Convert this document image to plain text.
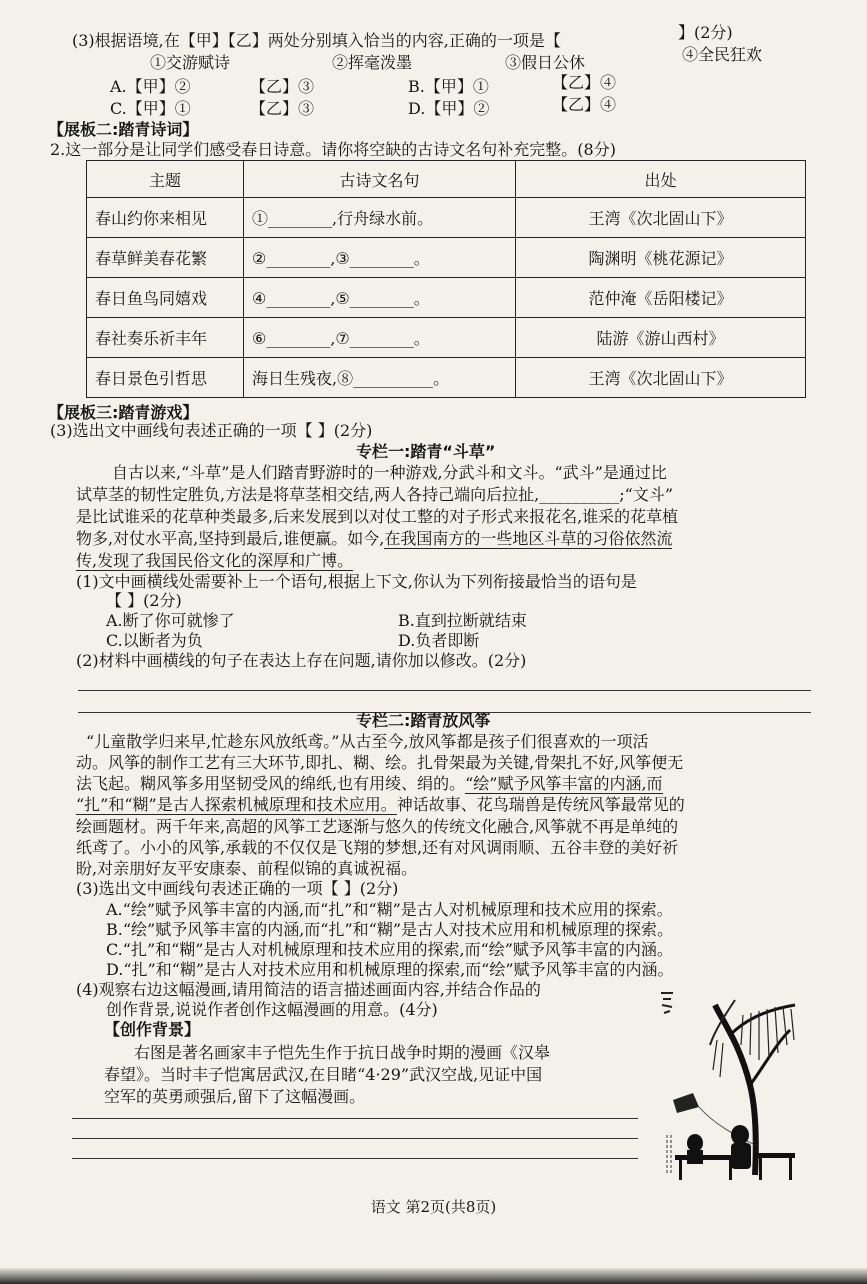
(3)根据语境,在【甲】【乙】两处分别填入恰当的内容,正确的一项是【	】(2分)
①交游赋诗	②挥毫泼墨	③假日公休	④全民狂欢
A.【甲】②	【乙】③	B.【甲】①	【乙】④
C.【甲】①	【乙】③	D.【甲】②	【乙】④
【展板二:踏青诗词】
2.这一部分是让同学们感受春日诗意。请你将空缺的古诗文名句补充完整。(8分)
主题	古诗文名句	出处
春山约你来相见	①________,行舟绿水前。	王湾《次北固山下》
春草鲜美春花繁	②________,③________。	陶渊明《桃花源记》
春日鱼鸟同嬉戏	④________,⑤________。	范仲淹《岳阳楼记》
春社奏乐祈丰年	⑥________,⑦________。	陆游《游山西村》
春日景色引哲思	海日生残夜,⑧__________。	王湾《次北固山下》
【展板三:踏青游戏】
(3)选出文中画线句表述正确的一项【 】(2分)
专栏一:踏青“斗草”
自古以来,“斗草”是人们踏青野游时的一种游戏,分武斗和文斗。“武斗”是通过比
试草茎的韧性定胜负,方法是将草茎相交结,两人各持己端向后拉扯,__________;“文斗”
是比试谁采的花草种类最多,后来发展到以对仗工整的对子形式来报花名,谁采的花草植
物多,对仗水平高,坚持到最后,谁便赢。如今,在我国南方的一些地区斗草的习俗依然流
传,发现了我国民俗文化的深厚和广博。
(1)文中画横线处需要补上一个语句,根据上下文,你认为下列衔接最恰当的语句是
【 】(2分)
A.断了你可就惨了	B.直到拉断就结束
C.以断者为负	D.负者即断
(2)材料中画横线的句子在表达上存在问题,请你加以修改。(2分)
专栏二:踏青放风筝
“儿童散学归来早,忙趁东风放纸鸢。”从古至今,放风筝都是孩子们很喜欢的一项活
动。风筝的制作工艺有三大环节,即扎、糊、绘。扎骨架最为关键,骨架扎不好,风筝便无
法飞起。糊风筝多用坚韧受风的绵纸,也有用绫、绢的。“绘”赋予风筝丰富的内涵,而
“扎”和“糊”是古人探索机械原理和技术应用。神话故事、花鸟瑞兽是传统风筝最常见的
绘画题材。两千年来,高超的风筝工艺逐渐与悠久的传统文化融合,风筝就不再是单纯的
纸鸢了。小小的风筝,承载的不仅仅是飞翔的梦想,还有对风调雨顺、五谷丰登的美好祈
盼,对亲朋好友平安康泰、前程似锦的真诚祝福。
(3)选出文中画线句表述正确的一项【 】(2分)
A.“绘”赋予风筝丰富的内涵,而“扎”和“糊”是古人对机械原理和技术应用的探索。
B.“绘”赋予风筝丰富的内涵,而“扎”和“糊”是古人对技术应用和机械原理的探索。
C.“扎”和“糊”是古人对机械原理和技术应用的探索,而“绘”赋予风筝丰富的内涵。
D.“扎”和“糊”是古人对技术应用和机械原理的探索,而“绘”赋予风筝丰富的内涵。
(4)观察右边这幅漫画,请用简洁的语言描述画面内容,并结合作品的
创作背景,说说作者创作这幅漫画的用意。(4分)
【创作背景】
右图是著名画家丰子恺先生作于抗日战争时期的漫画《汉皋
春望》。当时丰子恺寓居武汉,在目睹“4·29”武汉空战,见证中国
空军的英勇顽强后,留下了这幅漫画。
语文 第2页(共8页)
